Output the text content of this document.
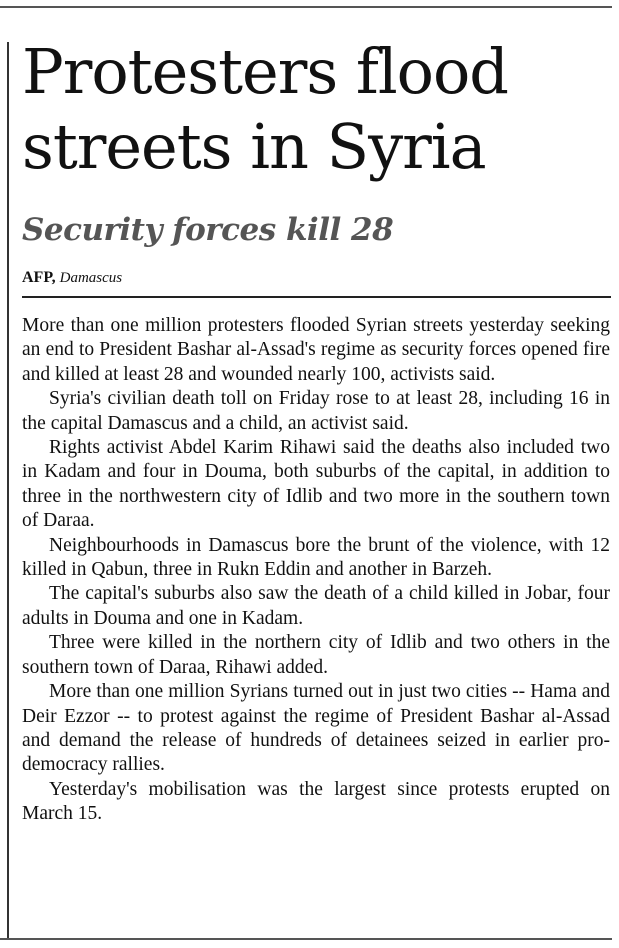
Protesters flood streets in Syria
Security forces kill 28
AFP, Damascus

More than one million protesters flooded Syrian streets yesterday seeking an end to President Bashar al-Assad's regime as security forces opened fire and killed at least 28 and wounded nearly 100, activists said.

Syria's civilian death toll on Friday rose to at least 28, including 16 in the capital Damascus and a child, an activist said.

Rights activist Abdel Karim Rihawi said the deaths also included two in Kadam and four in Douma, both suburbs of the capital, in addition to three in the northwestern city of Idlib and two more in the southern town of Daraa.

Neighbourhoods in Damascus bore the brunt of the violence, with 12 killed in Qabun, three in Rukn Eddin and another in Barzeh.

The capital's suburbs also saw the death of a child killed in Jobar, four adults in Douma and one in Kadam.

Three were killed in the northern city of Idlib and two others in the southern town of Daraa, Rihawi added.

More than one million Syrians turned out in just two cities -- Hama and Deir Ezzor -- to protest against the regime of President Bashar al-Assad and demand the release of hundreds of detainees seized in earlier pro-democracy rallies.

Yesterday's mobilisation was the largest since protests erupted on March 15.
